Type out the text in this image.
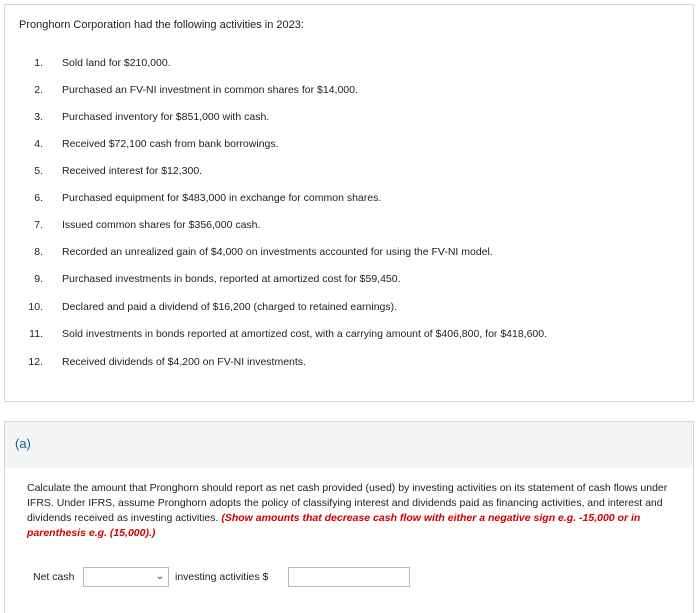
Pronghorn Corporation had the following activities in 2023:
1. Sold land for $210,000.
2. Purchased an FV-NI investment in common shares for $14,000.
3. Purchased inventory for $851,000 with cash.
4. Received $72,100 cash from bank borrowings.
5. Received interest for $12,300.
6. Purchased equipment for $483,000 in exchange for common shares.
7. Issued common shares for $356,000 cash.
8. Recorded an unrealized gain of $4,000 on investments accounted for using the FV-NI model.
9. Purchased investments in bonds, reported at amortized cost for $59,450.
10. Declared and paid a dividend of $16,200 (charged to retained earnings).
11. Sold investments in bonds reported at amortized cost, with a carrying amount of $406,800, for $418,600.
12. Received dividends of $4,200 on FV-NI investments.
(a)
Calculate the amount that Pronghorn should report as net cash provided (used) by investing activities on its statement of cash flows under IFRS. Under IFRS, assume Pronghorn adopts the policy of classifying interest and dividends paid as financing activities, and interest and dividends received as investing activities. (Show amounts that decrease cash flow with either a negative sign e.g. -15,000 or in parenthesis e.g. (15,000).)
Net cash	⌄ investing activities $
